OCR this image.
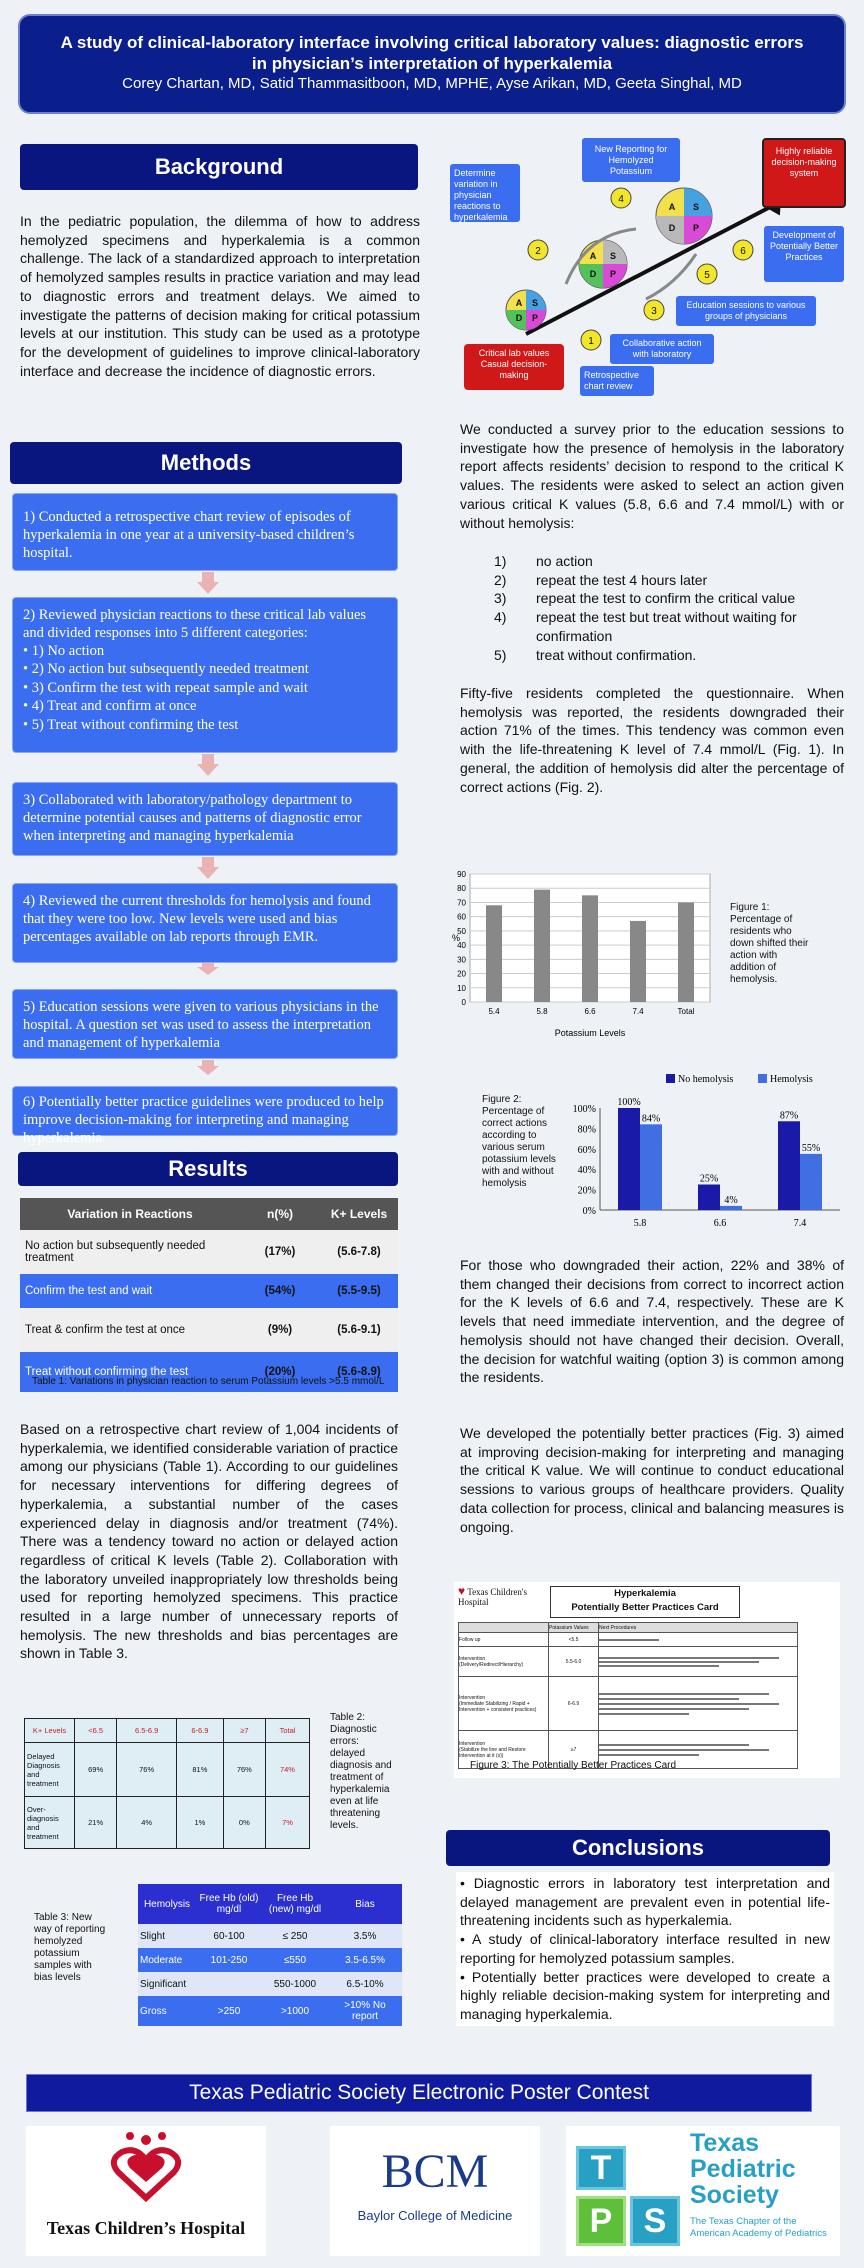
A study of clinical-laboratory interface involving critical laboratory values: diagnostic errors
in physician’s interpretation of hyperkalemia
Corey Chartan, MD, Satid Thammasitboon, MD, MPHE, Ayse Arikan, MD, Geeta Singhal, MD
Background
In the pediatric population, the dilemma of how to address hemolyzed specimens and hyperkalemia is a common challenge. The lack of a standardized approach to interpretation of hemolyzed samples results in practice variation and may lead to diagnostic errors and treatment delays. We aimed to investigate the patterns of decision making for critical potassium levels at our institution. This study can be used as a prototype for the development of guidelines to improve clinical-laboratory interface and decrease the incidence of diagnostic errors.
Methods
1) Conducted a retrospective chart review of episodes of hyperkalemia in one year at a university-based children’s hospital.
2) Reviewed physician reactions to these critical lab values and divided responses into 5 different categories:
• 1) No action
• 2) No action but subsequently needed treatment
• 3) Confirm the test with repeat sample and wait
• 4) Treat and confirm at once
• 5) Treat without confirming the test
3) Collaborated with laboratory/pathology department to determine potential causes and patterns of diagnostic error when interpreting and managing hyperkalemia
4) Reviewed the current thresholds for hemolysis and found that they were too low. New levels were used and bias percentages available on lab reports through EMR.
5) Education sessions were given to various physicians in the hospital. A question set was used to assess the interpretation and management of hyperkalemia
6) Potentially better practice guidelines were produced to help improve decision-making for interpreting and managing hyperkalemia.
Results
Variation in Reactions	n(%)	K+ Levels
No action but subsequently needed treatment	(17%)	(5.6-7.8)
Confirm the test and wait	(54%)	(5.5-9.5)
Treat & confirm the test at once	(9%)	(5.6-9.1)
Treat without confirming the test	(20%)	(5.6-8.9)
Table 1: Variations in physician reaction to serum Potassium levels >5.5 mmol/L
Based on a retrospective chart review of 1,004 incidents of hyperkalemia, we identified considerable variation of practice among our physicians (Table 1). According to our guidelines for necessary interventions for differing degrees of hyperkalemia, a substantial number of the cases experienced delay in diagnosis and/or treatment (74%). There was a tendency toward no action or delayed action regardless of critical K levels (Table 2). Collaboration with the laboratory unveiled inappropriately low thresholds being used for reporting hemolyzed specimens. This practice resulted in a large number of unnecessary reports of hemolysis. The new thresholds and bias percentages are shown in Table 3.
K+ Levels	<6.5	6.5-6.9	6-6.9	≥7	Total
Delayed Diagnosis and treatment	69%	76%	81%	76%	74%
Over-diagnosis and treatment	21%	4%	1%	0%	7%
Table 2: Diagnostic errors: delayed diagnosis and treatment of hyperkalemia even at life threatening levels.
Table 3: New way of reporting hemolyzed potassium samples with bias levels
Hemolysis	Free Hb (old) mg/dl	Free Hb (new) mg/dl	Bias
Slight	60-100	≤ 250	3.5%
Moderate	101-250	≤550	3.5-6.5%
Significant		550-1000	6.5-10%
Gross	>250	>1000	>10% No report
A S
P
D
A S
P
D
A S
P
D
1
2
3
4
5
6
Determine variation in physician reactions to hyperkalemia
New Reporting for Hemolyzed Potassium
Highly reliable decision-making system
Development of Potentially Better Practices
Education sessions to various groups of physicians
Collaborative action with laboratory
Retrospective chart review
Critical lab values Casual decision-making
We conducted a survey prior to the education sessions to investigate how the presence of hemolysis in the laboratory report affects residents’ decision to respond to the critical K values. The residents were asked to select an action given various critical K values (5.8, 6.6 and 7.4 mmol/L) with or without hemolysis:
1)	no action
2)	repeat the test 4 hours later
3)	repeat the test to confirm the critical value
4)	repeat the test but treat without waiting for confirmation
5)	treat without confirmation.
Fifty-five residents completed the questionnaire. When hemolysis was reported, the residents downgraded their action 71% of the times. This tendency was common even with the life-threatening K level of 7.4 mmol/L (Fig. 1). In general, the addition of hemolysis did alter the percentage of correct actions (Fig. 2).
0
10
20
30
40
50
60
70
80
90
%
5.4	5.8	6.6	7.4	Total
Potassium Levels
Figure 1: Percentage of residents who down shifted their action with addition of hemolysis.
Figure 2: Percentage of correct actions according to various serum potassium levels with and without hemolysis
0%
20%
40%
60%
80%
100%
No hemolysis	Hemolysis
100%
84%
5.8
25%
4%
6.6
87%
55%
7.4
For those who downgraded their action, 22% and 38% of them changed their decisions from correct to incorrect action for the K levels of 6.6 and 7.4, respectively. These are K levels that need immediate intervention, and the degree of hemolysis should not have changed their decision. Overall, the decision for watchful waiting (option 3) is common among the residents.
We developed the potentially better practices (Fig. 3) aimed at improving decision-making for interpreting and managing the critical K value. We will continue to conduct educational sessions to various groups of healthcare providers. Quality data collection for process, clinical and balancing measures is ongoing.
♥ Texas Children's Hospital
Hyperkalemia
Potentially Better Practices Card
	Potassium Values	Next Procedures
Follow up	<5.5	

Intervention
(Delivery/Redirect/Hierarchy)	5.5-6.0	

Intervention
(Immediate Stabilizing / Rapid + Intervention + consistent practices)	6-6.9	

Intervention
(Stabilize the line and Restore Intervention at it (s))	≥7	
Figure 3: The Potentially Better Practices Card
Conclusions
• Diagnostic errors in laboratory test interpretation and delayed management are prevalent even in potential life-threatening incidents such as hyperkalemia.
• A study of clinical-laboratory interface resulted in new reporting for hemolyzed potassium samples.
• Potentially better practices were developed to create a highly reliable decision-making system for interpreting and managing hyperkalemia.
Texas Pediatric Society Electronic Poster Contest
Texas Children’s Hospital
BCM
Baylor College of Medicine
T
P S
Texas
Pediatric
Society
The Texas Chapter of the American Academy of Pediatrics
